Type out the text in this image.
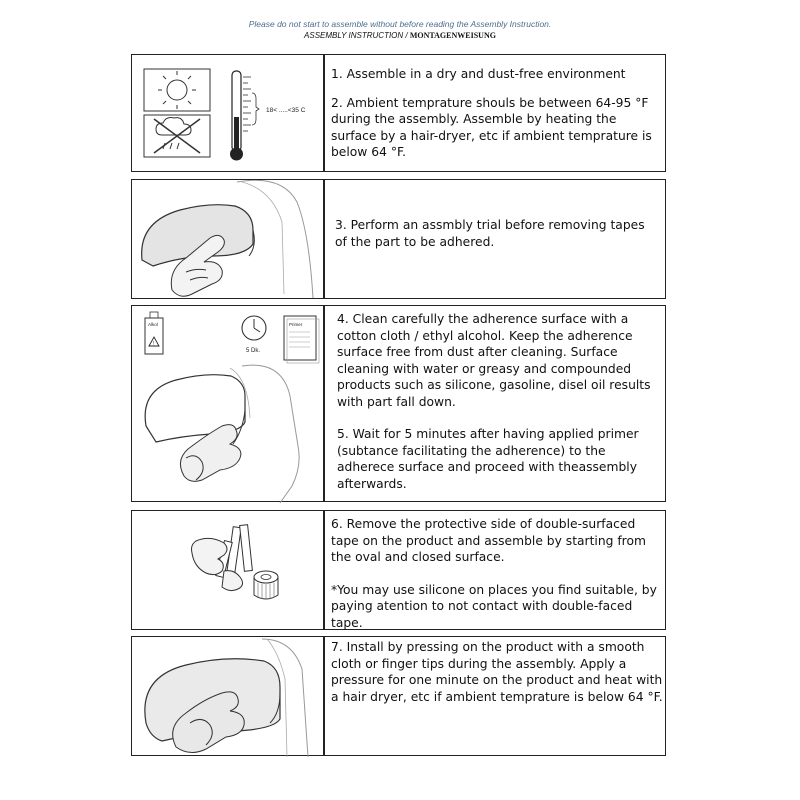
Please do not start to assemble without before reading the Assembly Instruction.
ASSEMBLY INSTRUCTION / MONTAGENWEISUNG
18< .....<35 C

1. Assemble in a dry and dust-free environment

2. Ambient temprature shouls be between 64-95 °F during the assembly. Assemble by heating the surface by a hair-dryer, etc if ambient temprature is below 64 °F.

3. Perform an assmbly trial before removing tapes of the part to be adhered.

Alkol
!
5 Dk.
Primer	4. Clean carefully the adherence surface with a cotton cloth / ethyl alcohol. Keep the adherence surface free from dust after cleaning. Surface cleaning with water or greasy and compounded products such as silicone, gasoline, disel oil results with part fall down.

5. Wait for 5 minutes after having applied primer (subtance facilitating the adherence) to the adherece surface and proceed with theassembly afterwards.

6. Remove the protective side of double-surfaced tape on the product and assemble by starting from the oval and closed surface.

*You may use silicone on places you find suitable, by paying atention to not contact with double-faced tape.

7. Install by pressing on the product with a smooth cloth or finger tips during the assembly. Apply a pressure for one minute on the product and heat with a hair dryer, etc if ambient temprature is below 64 °F.
